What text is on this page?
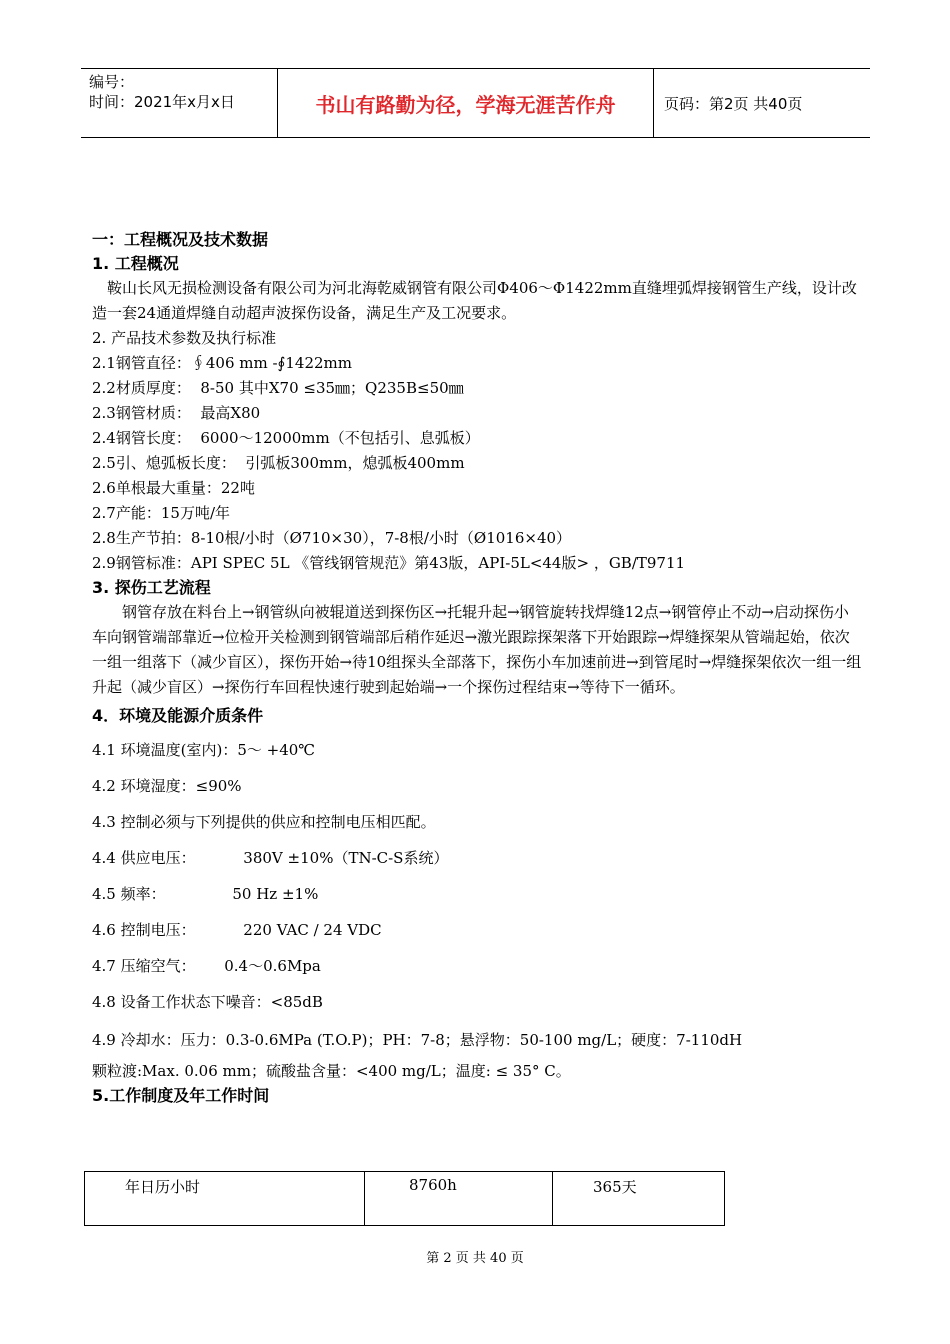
编号：
时间：2021年x月x日	书山有路勤为径，学海无涯苦作舟	页码：第2页 共40页
一：工程概况及技术数据
1. 工程概况
鞍山长风无损检测设备有限公司为河北海乾威钢管有限公司Φ406～Φ1422mm直缝埋弧焊接钢管生产线，设计改造一套24通道焊缝自动超声波探伤设备，满足生产及工况要求。
2. 产品技术参数及执行标准
2.1钢管直径：∮406 mm -∮1422mm
2.2材质厚度：  8-50 其中X70 ≤35㎜；Q235B≤50㎜
2.3钢管材质：  最高X80
2.4钢管长度：  6000～12000mm（不包括引、息弧板）
2.5引、熄弧板长度：  引弧板300mm，熄弧板400mm
2.6单根最大重量：22吨
2.7产能：15万吨/年
2.8生产节拍：8-10根/小时（Ø710×30），7-8根/小时（Ø1016×40）
2.9钢管标准：API SPEC 5L 《管线钢管规范》第43版，API-5L<44版> ，GB/T9711
3. 探伤工艺流程
钢管存放在料台上→钢管纵向被辊道送到探伤区→托辊升起→钢管旋转找焊缝12点→钢管停止不动→启动探伤小车向钢管端部靠近→位检开关检测到钢管端部后稍作延迟→激光跟踪探架落下开始跟踪→焊缝探架从管端起始，依次一组一组落下（减少盲区），探伤开始→待10组探头全部落下，探伤小车加速前进→到管尾时→焊缝探架依次一组一组升起（减少盲区）→探伤行车回程快速行驶到起始端→一个探伤过程结束→等待下一循环。
4．环境及能源介质条件
4.1 环境温度(室内)：5～ +40℃
4.2 环境湿度：≤90%
4.3 控制必须与下列提供的供应和控制电压相匹配。
4.4 供应电压：          380V ±10%（TN-C-S系统）
4.5 频率：              50 Hz ±1%
4.6 控制电压：          220 VAC / 24 VDC
4.7 压缩空气：      0.4～0.6Mpa
4.8 设备工作状态下噪音：<85dB
4.9 冷却水：压力：0.3-0.6MPa (T.O.P)；PH：7-8；悬浮物：50-100 mg/L；硬度：7-110dH
颗粒渡:Max. 0.06 mm；硫酸盐含量：<400 mg/L；温度: ≤ 35° C。
5.工作制度及年工作时间
年日历小时	8760h	365天
第 2 页 共 40 页
